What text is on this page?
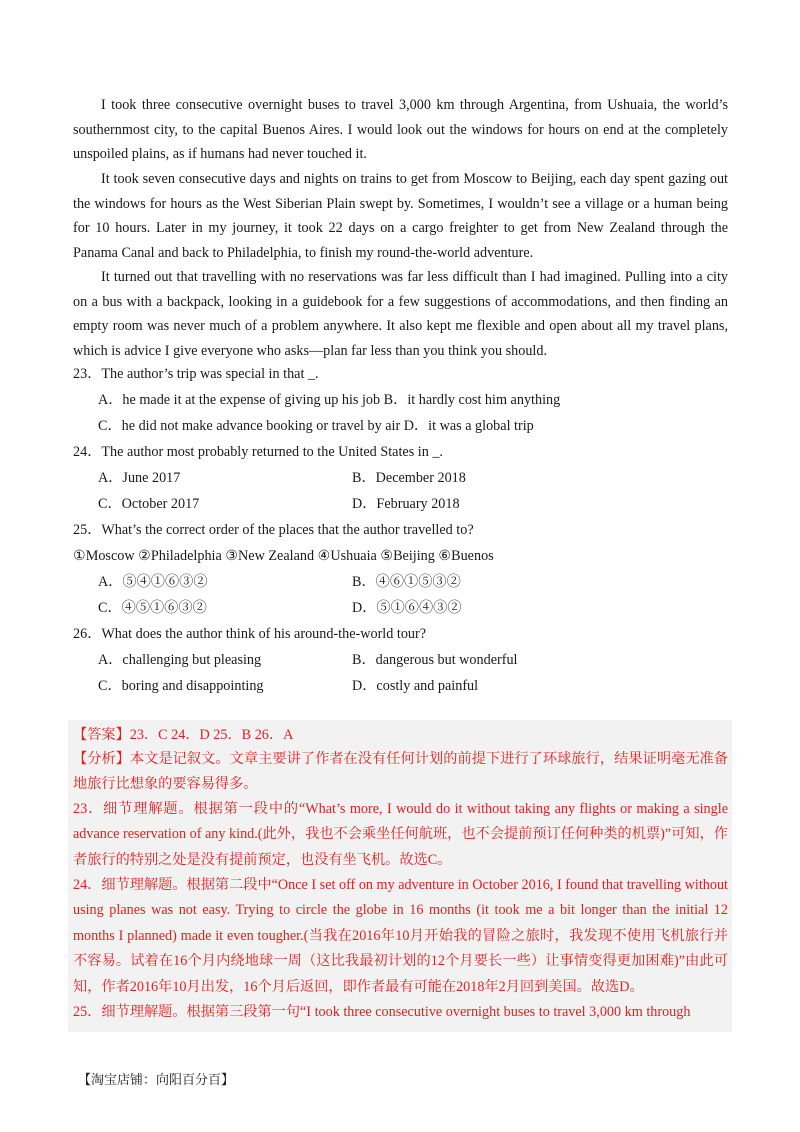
I took three consecutive overnight buses to travel 3,000 km through Argentina, from Ushuaia, the world’s southernmost city, to the capital Buenos Aires. I would look out the windows for hours on end at the completely unspoiled plains, as if humans had never touched it.

It took seven consecutive days and nights on trains to get from Moscow to Beijing, each day spent gazing out the windows for hours as the West Siberian Plain swept by. Sometimes, I wouldn’t see a village or a human being for 10 hours. Later in my journey, it took 22 days on a cargo freighter to get from New Zealand through the Panama Canal and back to Philadelphia, to finish my round-the-world adventure.

It turned out that travelling with no reservations was far less difficult than I had imagined. Pulling into a city on a bus with a backpack, looking in a guidebook for a few suggestions of accommodations, and then finding an empty room was never much of a problem anywhere. It also kept me flexible and open about all my travel plans, which is advice I give everyone who asks—plan far less than you think you should.

23．The author’s trip was special in that _.
A．he made it at the expense of giving up his job B．it hardly cost him anything
C．he did not make advance booking or travel by air D．it was a global trip
24．The author most probably returned to the United States in _.
A．June 2017	B．December 2018
C．October 2017	D．February 2018
25．What’s the correct order of the places that the author travelled to?
①Moscow ②Philadelphia ③New Zealand ④Ushuaia ⑤Beijing ⑥Buenos
A．⑤④①⑥③②	B．④⑥①⑤③②
C．④⑤①⑥③②	D．⑤①⑥④③②
26．What does the author think of his around-the-world tour?
A．challenging but pleasing	B．dangerous but wonderful
C．boring and disappointing	D．costly and painful
【答案】23．C 24．D 25．B 26．A

【分析】本文是记叙文。文章主要讲了作者在没有任何计划的前提下进行了环球旅行，结果证明毫无准备地旅行比想象的要容易得多。

23．细节理解题。根据第一段中的“What’s more, I would do it without taking any flights or making a single advance reservation of any kind.(此外，我也不会乘坐任何航班，也不会提前预订任何种类的机票)”可知，作者旅行的特别之处是没有提前预定，也没有坐飞机。故选C。

24．细节理解题。根据第二段中“Once I set off on my adventure in October 2016, I found that travelling without using planes was not easy. Trying to circle the globe in 16 months (it took me a bit longer than the initial 12 months I planned) made it even tougher.(当我在2016年10月开始我的冒险之旅时，我发现不使用飞机旅行并不容易。试着在16个月内绕地球一周（这比我最初计划的12个月要长一些）让事情变得更加困难)”由此可知，作者2016年10月出发，16个月后返回，即作者最有可能在2018年2月回到美国。故选D。

25．细节理解题。根据第三段第一句“I took three consecutive overnight buses to travel 3,000 km through

【淘宝店铺：向阳百分百】
